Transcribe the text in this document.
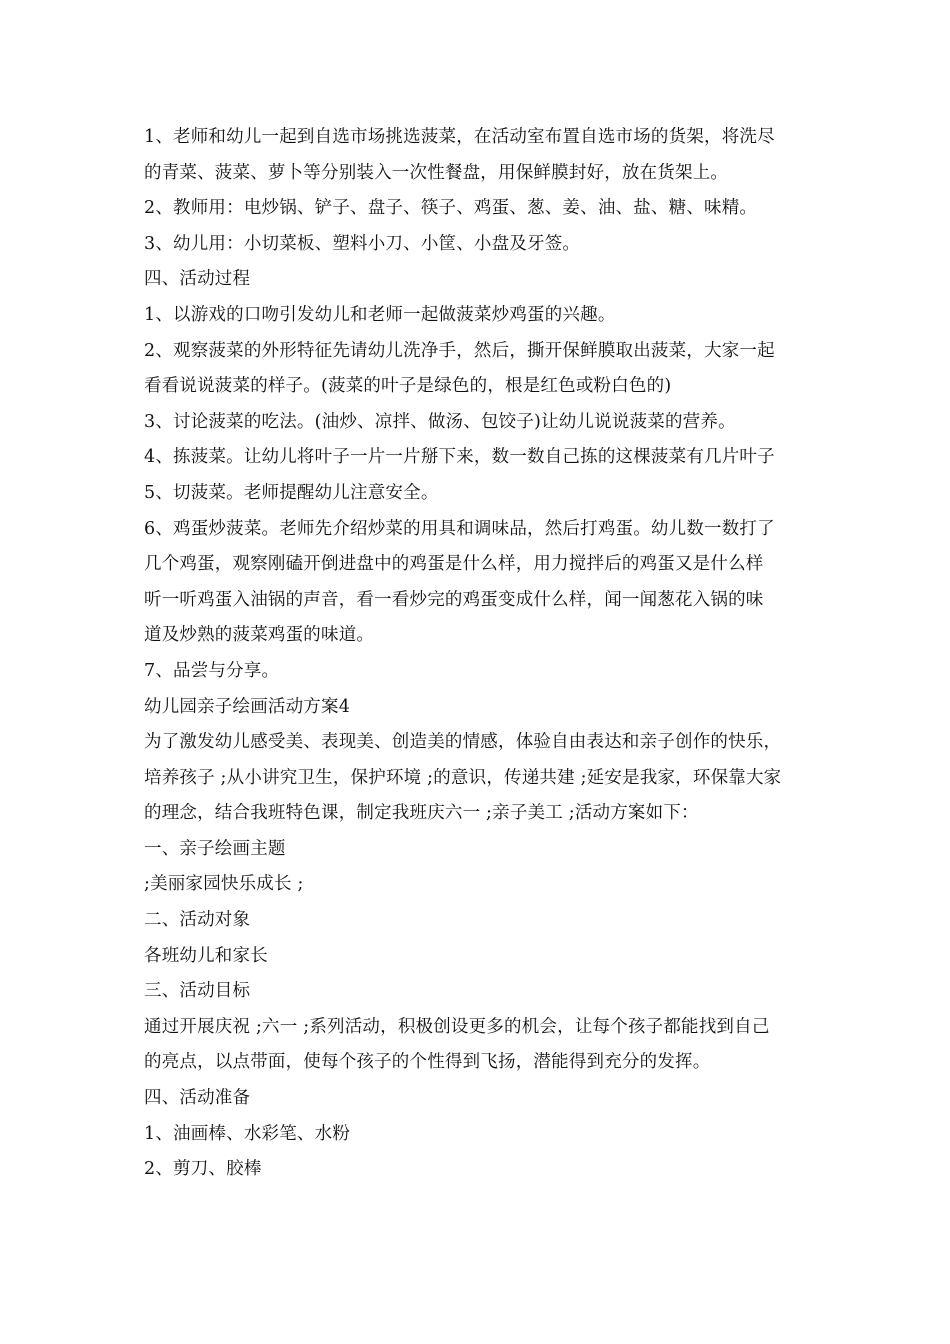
1、老师和幼儿一起到自选市场挑选菠菜，在活动室布置自选市场的货架，将洗尽
的青菜、菠菜、萝卜等分别装入一次性餐盘，用保鲜膜封好，放在货架上。
2、教师用：电炒锅、铲子、盘子、筷子、鸡蛋、葱、姜、油、盐、糖、味精。
3、幼儿用：小切菜板、塑料小刀、小筐、小盘及牙签。
四、活动过程
1、以游戏的口吻引发幼儿和老师一起做菠菜炒鸡蛋的兴趣。
2、观察菠菜的外形特征先请幼儿洗净手，然后，撕开保鲜膜取出菠菜，大家一起
看看说说菠菜的样子。(菠菜的叶子是绿色的，根是红色或粉白色的)
3、讨论菠菜的吃法。(油炒、凉拌、做汤、包饺子)让幼儿说说菠菜的营养。
4、拣菠菜。让幼儿将叶子一片一片掰下来，数一数自己拣的这棵菠菜有几片叶子
5、切菠菜。老师提醒幼儿注意安全。
6、鸡蛋炒菠菜。老师先介绍炒菜的用具和调味品，然后打鸡蛋。幼儿数一数打了
几个鸡蛋，观察刚磕开倒进盘中的鸡蛋是什么样，用力搅拌后的鸡蛋又是什么样
听一听鸡蛋入油锅的声音，看一看炒完的鸡蛋变成什么样，闻一闻葱花入锅的味
道及炒熟的菠菜鸡蛋的味道。
7、品尝与分享。
幼儿园亲子绘画活动方案4
为了激发幼儿感受美、表现美、创造美的情感，体验自由表达和亲子创作的快乐，
培养孩子 ;从小讲究卫生，保护环境 ;的意识，传递共建 ;延安是我家，环保靠大家
的理念，结合我班特色课，制定我班庆六一 ;亲子美工 ;活动方案如下：
一、亲子绘画主题
;美丽家园快乐成长 ;
二、活动对象
各班幼儿和家长
三、活动目标
通过开展庆祝 ;六一 ;系列活动，积极创设更多的机会，让每个孩子都能找到自己
的亮点，以点带面，使每个孩子的个性得到飞扬，潜能得到充分的发挥。
四、活动准备
1、油画棒、水彩笔、水粉
2、剪刀、胶棒
